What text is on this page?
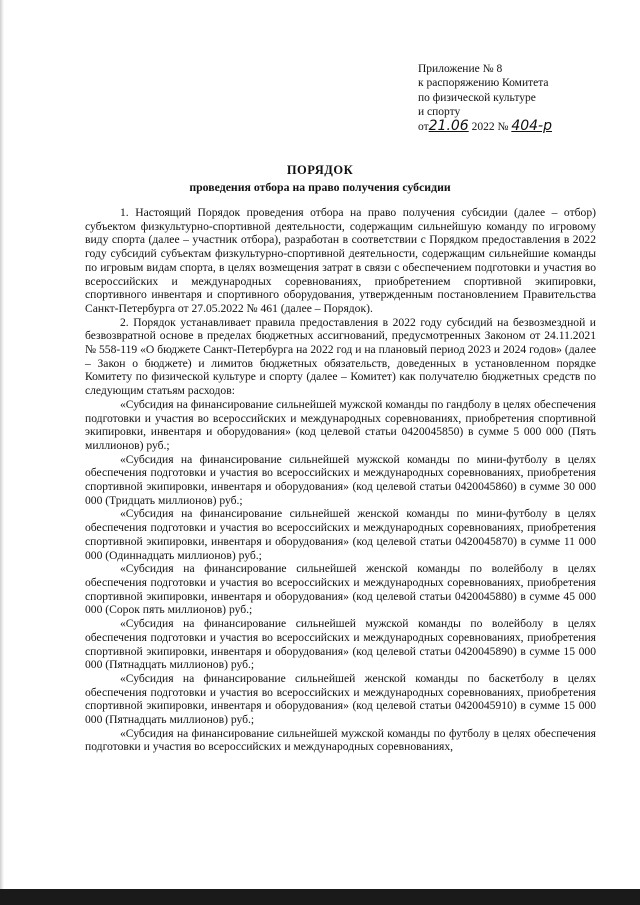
Приложение № 8
к распоряжению Комитета
по физической культуре
и спорту
от21.06 2022 № 404-р
ПОРЯДОК
проведения отбора на право получения субсидии

1. Настоящий Порядок проведения отбора на право получения субсидии (далее – отбор) субъектом физкультурно-спортивной деятельности, содержащим сильнейшую команду по игровому виду спорта (далее – участник отбора), разработан в соответствии с Порядком предоставления в 2022 году субсидий субъектам физкультурно-спортивной деятельности, содержащим сильнейшие команды по игровым видам спорта, в целях возмещения затрат в связи с обеспечением подготовки и участия во всероссийских и международных соревнованиях, приобретением спортивной экипировки, спортивного инвентаря и спортивного оборудования, утвержденным постановлением Правительства Санкт-Петербурга от 27.05.2022 № 461 (далее – Порядок).

2. Порядок устанавливает правила предоставления в 2022 году субсидий на безвозмездной и безвозвратной основе в пределах бюджетных ассигнований, предусмотренных Законом от 24.11.2021 № 558-119 «О бюджете Санкт-Петербурга на 2022 год и на плановый период 2023 и 2024 годов» (далее – Закон о бюджете) и лимитов бюджетных обязательств, доведенных в установленном порядке Комитету по физической культуре и спорту (далее – Комитет) как получателю бюджетных средств по следующим статьям расходов:

«Субсидия на финансирование сильнейшей мужской команды по гандболу в целях обеспечения подготовки и участия во всероссийских и международных соревнованиях, приобретения спортивной экипировки, инвентаря и оборудования» (код целевой статьи 0420045850) в сумме 5 000 000 (Пять миллионов) руб.;

«Субсидия на финансирование сильнейшей мужской команды по мини-футболу в целях обеспечения подготовки и участия во всероссийских и международных соревнованиях, приобретения спортивной экипировки, инвентаря и оборудования» (код целевой статьи 0420045860) в сумме 30 000 000 (Тридцать миллионов) руб.;

«Субсидия на финансирование сильнейшей женской команды по мини-футболу в целях обеспечения подготовки и участия во всероссийских и международных соревнованиях, приобретения спортивной экипировки, инвентаря и оборудования» (код целевой статьи 0420045870) в сумме 11 000 000 (Одиннадцать миллионов) руб.;

«Субсидия на финансирование сильнейшей женской команды по волейболу в целях обеспечения подготовки и участия во всероссийских и международных соревнованиях, приобретения спортивной экипировки, инвентаря и оборудования» (код целевой статьи 0420045880) в сумме 45 000 000 (Сорок пять миллионов) руб.;

«Субсидия на финансирование сильнейшей мужской команды по волейболу в целях обеспечения подготовки и участия во всероссийских и международных соревнованиях, приобретения спортивной экипировки, инвентаря и оборудования» (код целевой статьи 0420045890) в сумме 15 000 000 (Пятнадцать миллионов) руб.;

«Субсидия на финансирование сильнейшей женской команды по баскетболу в целях обеспечения подготовки и участия во всероссийских и международных соревнованиях, приобретения спортивной экипировки, инвентаря и оборудования» (код целевой статьи 0420045910) в сумме 15 000 000 (Пятнадцать миллионов) руб.;

«Субсидия на финансирование сильнейшей мужской команды по футболу в целях обеспечения подготовки и участия во всероссийских и международных соревнованиях,
